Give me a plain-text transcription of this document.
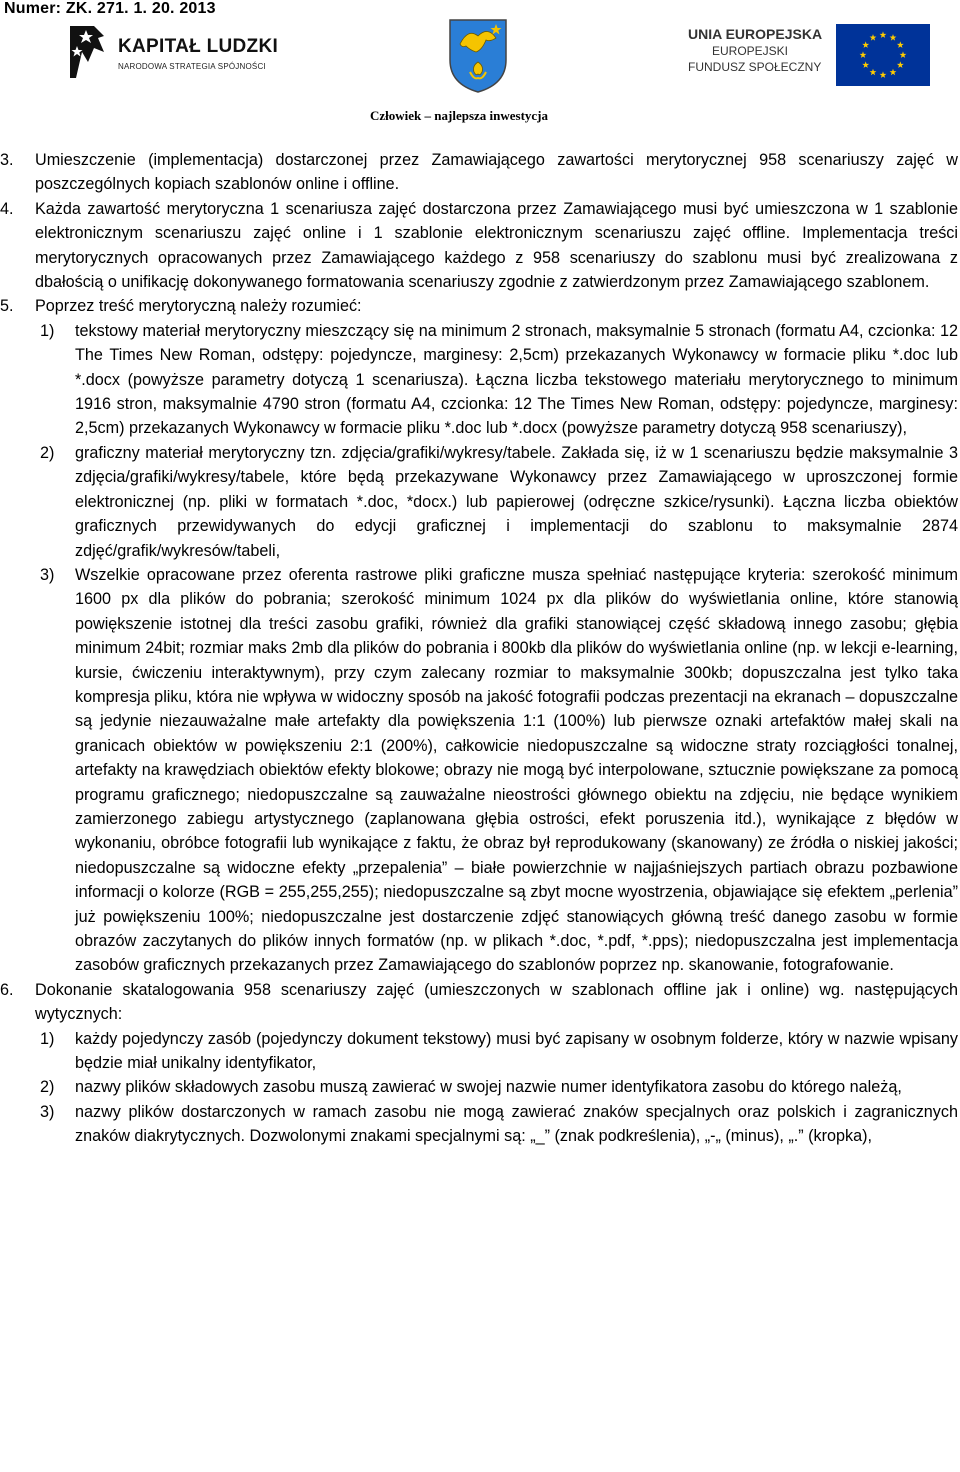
Numer: ZK. 271. 1. 20. 2013
KAPITAŁ LUDZKI
NARODOWA STRATEGIA SPÓJNOŚCI
UNIA EUROPEJSKA
EUROPEJSKI
FUNDUSZ SPOŁECZNY
Człowiek – najlepsza inwestycja
3. Umieszczenie (implementacja) dostarczonej przez Zamawiającego zawartości merytorycznej 958 scenariuszy zajęć w poszczególnych kopiach szablonów online i offline.
4. Każda zawartość merytoryczna 1 scenariusza zajęć dostarczona przez Zamawiającego musi być umieszczona w 1 szablonie elektronicznym scenariuszu zajęć online i 1 szablonie elektronicznym scenariuszu zajęć offline. Implementacja treści merytorycznych opracowanych przez Zamawiającego każdego z 958 scenariuszy do szablonu musi być zrealizowana z dbałością o unifikację dokonywanego formatowania scenariuszy zgodnie z zatwierdzonym przez Zamawiającego szablonem.
5. Poprzez treść merytoryczną należy rozumieć:
1) tekstowy materiał merytoryczny mieszczący się na minimum 2 stronach, maksymalnie 5 stronach (formatu A4, czcionka: 12 The Times New Roman, odstępy: pojedyncze, marginesy: 2,5cm) przekazanych Wykonawcy w formacie pliku *.doc lub *.docx (powyższe parametry dotyczą 1 scenariusza). Łączna liczba tekstowego materiału merytorycznego to minimum 1916 stron, maksymalnie 4790 stron (formatu A4, czcionka: 12 The Times New Roman, odstępy: pojedyncze, marginesy: 2,5cm) przekazanych Wykonawcy w formacie pliku *.doc lub *.docx (powyższe parametry dotyczą 958 scenariuszy),
2) graficzny materiał merytoryczny tzn. zdjęcia/grafiki/wykresy/tabele. Zakłada się, iż w 1 scenariuszu będzie maksymalnie 3 zdjęcia/grafiki/wykresy/tabele, które będą przekazywane Wykonawcy przez Zamawiającego w uproszczonej formie elektronicznej (np. pliki w formatach *.doc, *docx.) lub papierowej (odręczne szkice/rysunki). Łączna liczba obiektów graficznych przewidywanych do edycji graficznej i implementacji do szablonu to maksymalnie 2874 zdjęć/grafik/wykresów/tabeli,
3) Wszelkie opracowane przez oferenta rastrowe pliki graficzne musza spełniać następujące kryteria: szerokość minimum 1600 px dla plików do pobrania; szerokość minimum 1024 px dla plików do wyświetlania online, które stanowią powiększenie istotnej dla treści zasobu grafiki, również dla grafiki stanowiącej część składową innego zasobu; głębia minimum 24bit; rozmiar maks 2mb dla plików do pobrania i 800kb dla plików do wyświetlania online (np. w lekcji e-learning, kursie, ćwiczeniu interaktywnym), przy czym zalecany rozmiar to maksymalnie 300kb; dopuszczalna jest tylko taka kompresja pliku, która nie wpływa w widoczny sposób na jakość fotografii podczas prezentacji na ekranach – dopuszczalne są jedynie niezauważalne małe artefakty dla powiększenia 1:1 (100%) lub pierwsze oznaki artefaktów małej skali na granicach obiektów w powiększeniu 2:1 (200%), całkowicie niedopuszczalne są widoczne straty rozciągłości tonalnej, artefakty na krawędziach obiektów efekty blokowe; obrazy nie mogą być interpolowane, sztucznie powiększane za pomocą programu graficznego; niedopuszczalne są zauważalne nieostrości głównego obiektu na zdjęciu, nie będące wynikiem zamierzonego zabiegu artystycznego (zaplanowana głębia ostrości, efekt poruszenia itd.), wynikające z błędów w wykonaniu, obróbce fotografii lub wynikające z faktu, że obraz był reprodukowany (skanowany) ze źródła o niskiej jakości; niedopuszczalne są widoczne efekty „przepalenia” – białe powierzchnie w najjaśniejszych partiach obrazu pozbawione informacji o kolorze (RGB = 255,255,255); niedopuszczalne są zbyt mocne wyostrzenia, objawiające się efektem „perlenia” już powiększeniu 100%; niedopuszczalne jest dostarczenie zdjęć stanowiących główną treść danego zasobu w formie obrazów zaczytanych do plików innych formatów (np. w plikach *.doc, *.pdf, *.pps); niedopuszczalna jest implementacja zasobów graficznych przekazanych przez Zamawiającego do szablonów poprzez np. skanowanie, fotografowanie.
6. Dokonanie skatalogowania 958 scenariuszy zajęć (umieszczonych w szablonach offline jak i online) wg. następujących wytycznych:
1) każdy pojedynczy zasób (pojedynczy dokument tekstowy) musi być zapisany w osobnym folderze, który w nazwie wpisany będzie miał unikalny identyfikator,
2) nazwy plików składowych zasobu muszą zawierać w swojej nazwie numer identyfikatora zasobu do którego należą,
3) nazwy plików dostarczonych w ramach zasobu nie mogą zawierać znaków specjalnych oraz polskich i zagranicznych znaków diakrytycznych. Dozwolonymi znakami specjalnymi są: „_” (znak podkreślenia), „-„ (minus), „.” (kropka),
